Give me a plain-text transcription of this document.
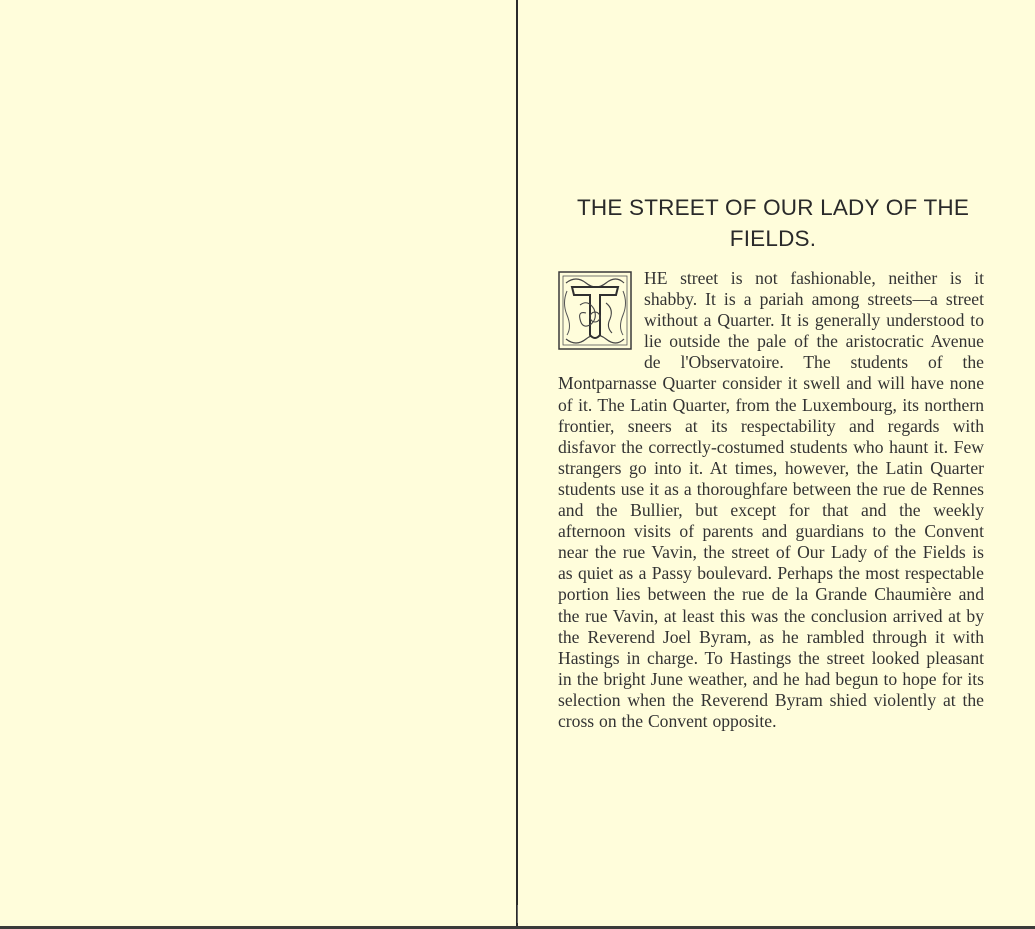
THE STREET OF OUR LADY OF THE FIELDS.

HE street is not fashionable, neither is it shabby. It is a pariah among streets—a street without a Quarter. It is generally understood to lie outside the pale of the aristocratic Avenue de l'Observatoire. The students of the Montparnasse Quarter consider it swell and will have none of it. The Latin Quarter, from the Luxembourg, its northern frontier, sneers at its respectability and regards with disfavor the correctly-costumed students who haunt it. Few strangers go into it. At times, however, the Latin Quarter students use it as a thoroughfare between the rue de Rennes and the Bullier, but except for that and the weekly afternoon visits of parents and guardians to the Convent near the rue Vavin, the street of Our Lady of the Fields is as quiet as a Passy boulevard. Perhaps the most respectable portion lies between the rue de la Grande Chaumière and the rue Vavin, at least this was the conclusion arrived at by the Reverend Joel Byram, as he rambled through it with Hastings in charge. To Hastings the street looked pleasant in the bright June weather, and he had begun to hope for its selection when the Reverend Byram shied violently at the cross on the Convent opposite.
